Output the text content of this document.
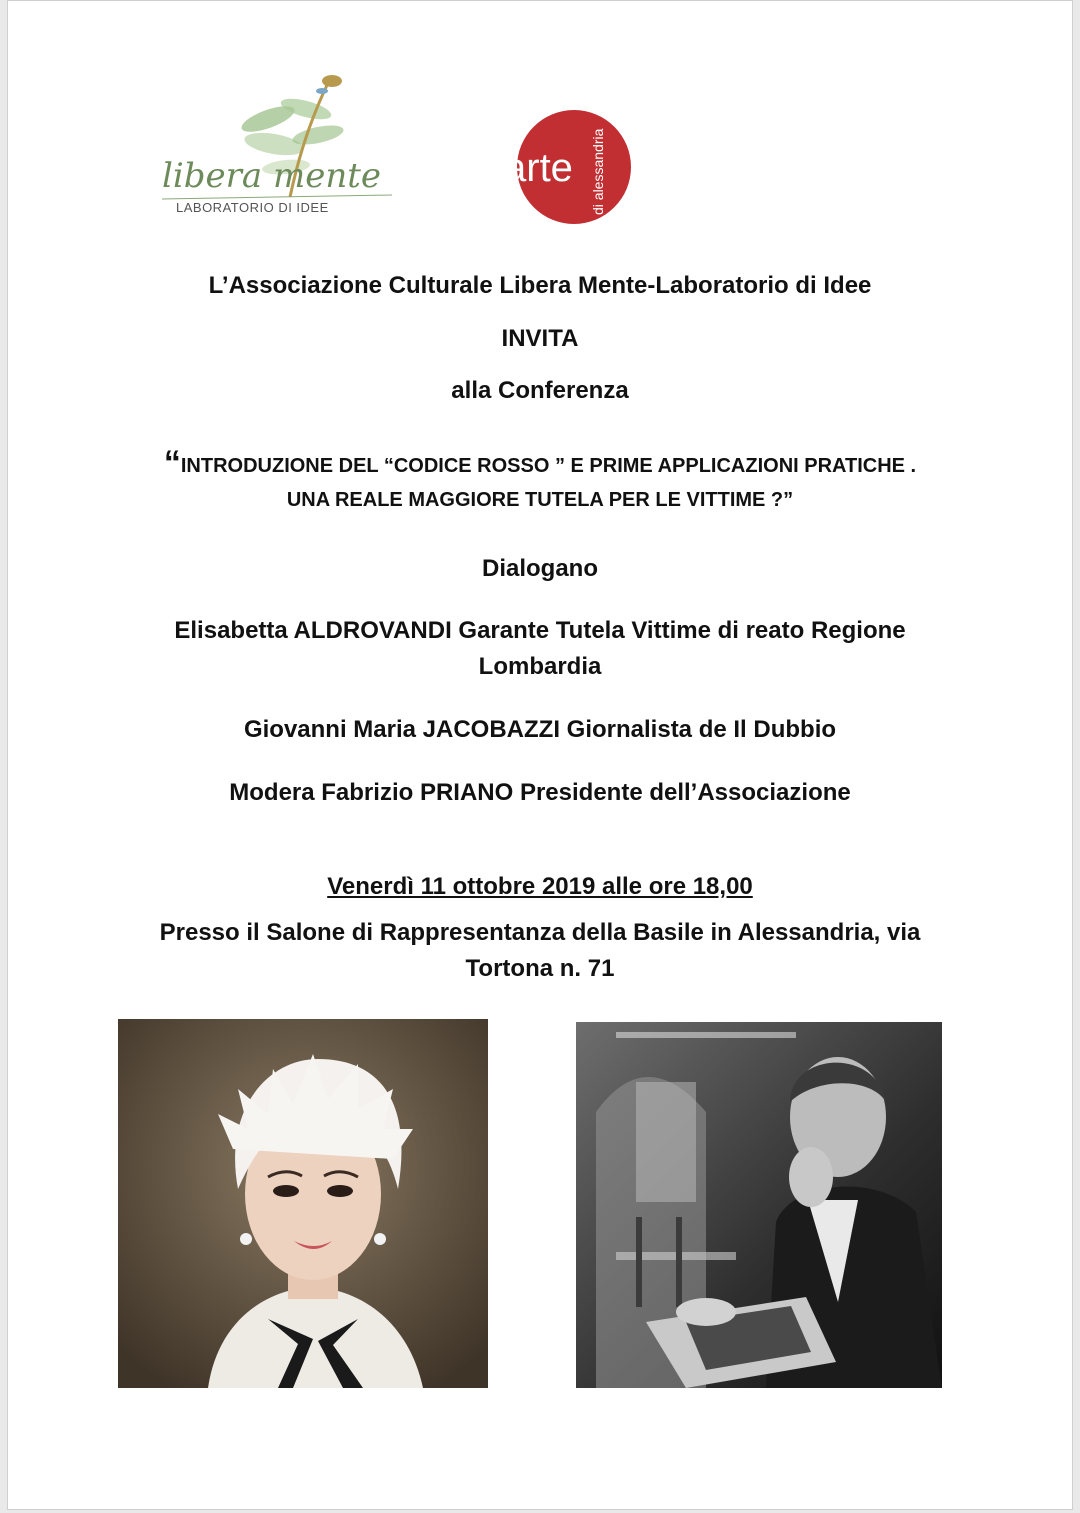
libera mente
LABORATORIO DI IDEE
arte di alessandria
L’Associazione Culturale Libera Mente-Laboratorio di Idee
INVITA
alla Conferenza
“INTRODUZIONE DEL “CODICE ROSSO ” E PRIME APPLICAZIONI PRATICHE .
UNA REALE MAGGIORE TUTELA PER LE VITTIME ?”
Dialogano
Elisabetta ALDROVANDI Garante Tutela Vittime di reato Regione
Lombardia
Giovanni Maria JACOBAZZI Giornalista de Il Dubbio
Modera Fabrizio PRIANO Presidente dell’Associazione
Venerdì 11 ottobre 2019 alle ore 18,00
Presso il Salone di Rappresentanza della Basile in Alessandria, via
Tortona n. 71
